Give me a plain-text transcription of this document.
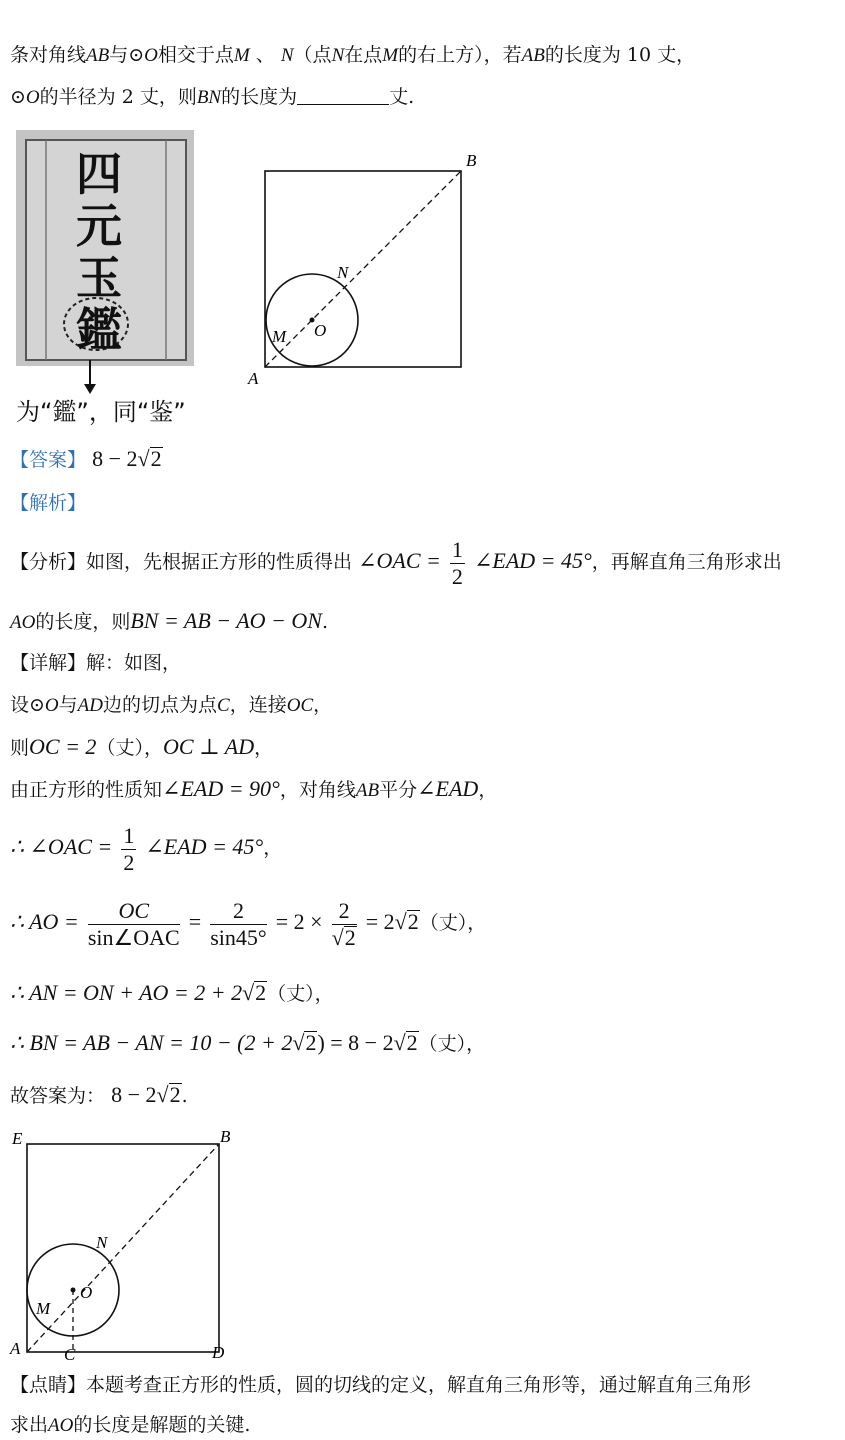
条对角线AB与⊙O相交于点M 、 N（点N在点M的右上方），若AB的长度为 10 丈，
⊙O的半径为 2 丈，则BN的长度为	丈.
四
元
玉
鑑
为“鑑”，同“鉴”
B
A
N
M O
【答案】 8 − 2√2
【解析】
【分析】如图，先根据正方形的性质得出 ∠OAC = $\frac{1}{2}$ ∠EAD = 45°，再解直角三角形求出
AO的长度，则BN = AB − AO − ON.
【详解】解：如图，
设⊙O与AD边的切点为点C，连接OC，
则OC = 2（丈），OC ⊥ AD，
由正方形的性质知∠EAD = 90°，对角线AB平分∠EAD，
∴ ∠OAC = $\frac{1}{2}$ ∠EAD = 45°，
∴ AO = $\frac{OC}{\text{sin∠OAC}} = \frac{2}{\sin 45^\circ} = 2 \times \frac{2}{√2} = 2√2$（丈），
∴ AN = ON + AO = 2 + 2√2（丈），
∴ BN = AB − AN = 10 − (2 + 2√2) = 8 − 2√2（丈），
故答案为： 8 − 2√2.
E	B
A	C	D
N
M
O
【点睛】本题考查正方形的性质，圆的切线的定义，解直角三角形等，通过解直角三角形
求出AO的长度是解题的关键.
